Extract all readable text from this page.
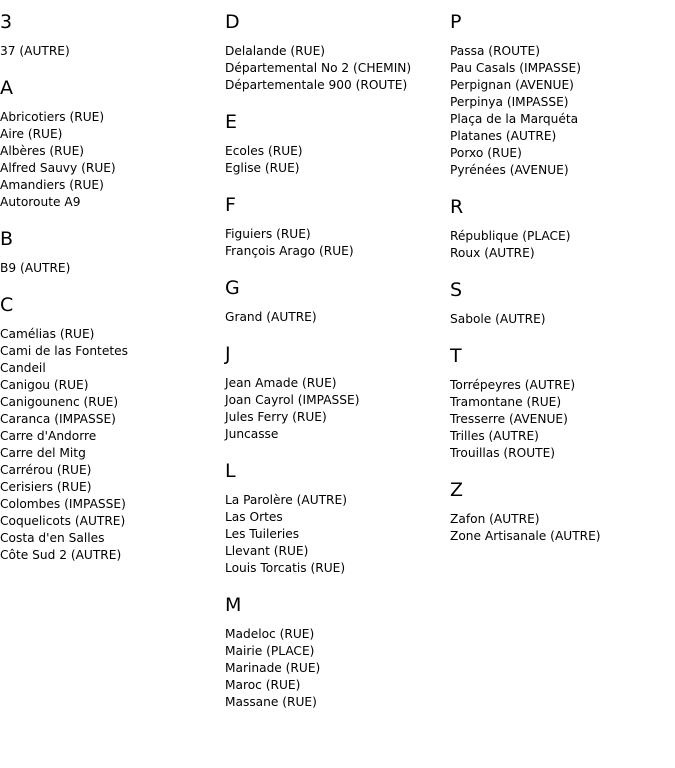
3
37 (AUTRE)
A
Abricotiers (RUE)
Aire (RUE)
Albères (RUE)
Alfred Sauvy (RUE)
Amandiers (RUE)
Autoroute A9
B
B9 (AUTRE)
C
Camélias (RUE)
Cami de las Fontetes
Candeil
Canigou (RUE)
Canigounenc (RUE)
Caranca (IMPASSE)
Carre d'Andorre
Carre del Mitg
Carrérou (RUE)
Cerisiers (RUE)
Colombes (IMPASSE)
Coquelicots (AUTRE)
Costa d'en Salles
Côte Sud 2 (AUTRE)
D
Delalande (RUE)
Départemental No 2 (CHEMIN)
Départementale 900 (ROUTE)
E
Ecoles (RUE)
Eglise (RUE)
F
Figuiers (RUE)
François Arago (RUE)
G
Grand (AUTRE)
J
Jean Amade (RUE)
Joan Cayrol (IMPASSE)
Jules Ferry (RUE)
Juncasse
L
La Parolère (AUTRE)
Las Ortes
Les Tuileries
Llevant (RUE)
Louis Torcatis (RUE)
M
Madeloc (RUE)
Mairie (PLACE)
Marinade (RUE)
Maroc (RUE)
Massane (RUE)
P
Passa (ROUTE)
Pau Casals (IMPASSE)
Perpignan (AVENUE)
Perpinya (IMPASSE)
Plaça de la Marquéta
Platanes (AUTRE)
Porxo (RUE)
Pyrénées (AVENUE)
R
République (PLACE)
Roux (AUTRE)
S
Sabole (AUTRE)
T
Torrépeyres (AUTRE)
Tramontane (RUE)
Tresserre (AVENUE)
Trilles (AUTRE)
Trouillas (ROUTE)
Z
Zafon (AUTRE)
Zone Artisanale (AUTRE)
